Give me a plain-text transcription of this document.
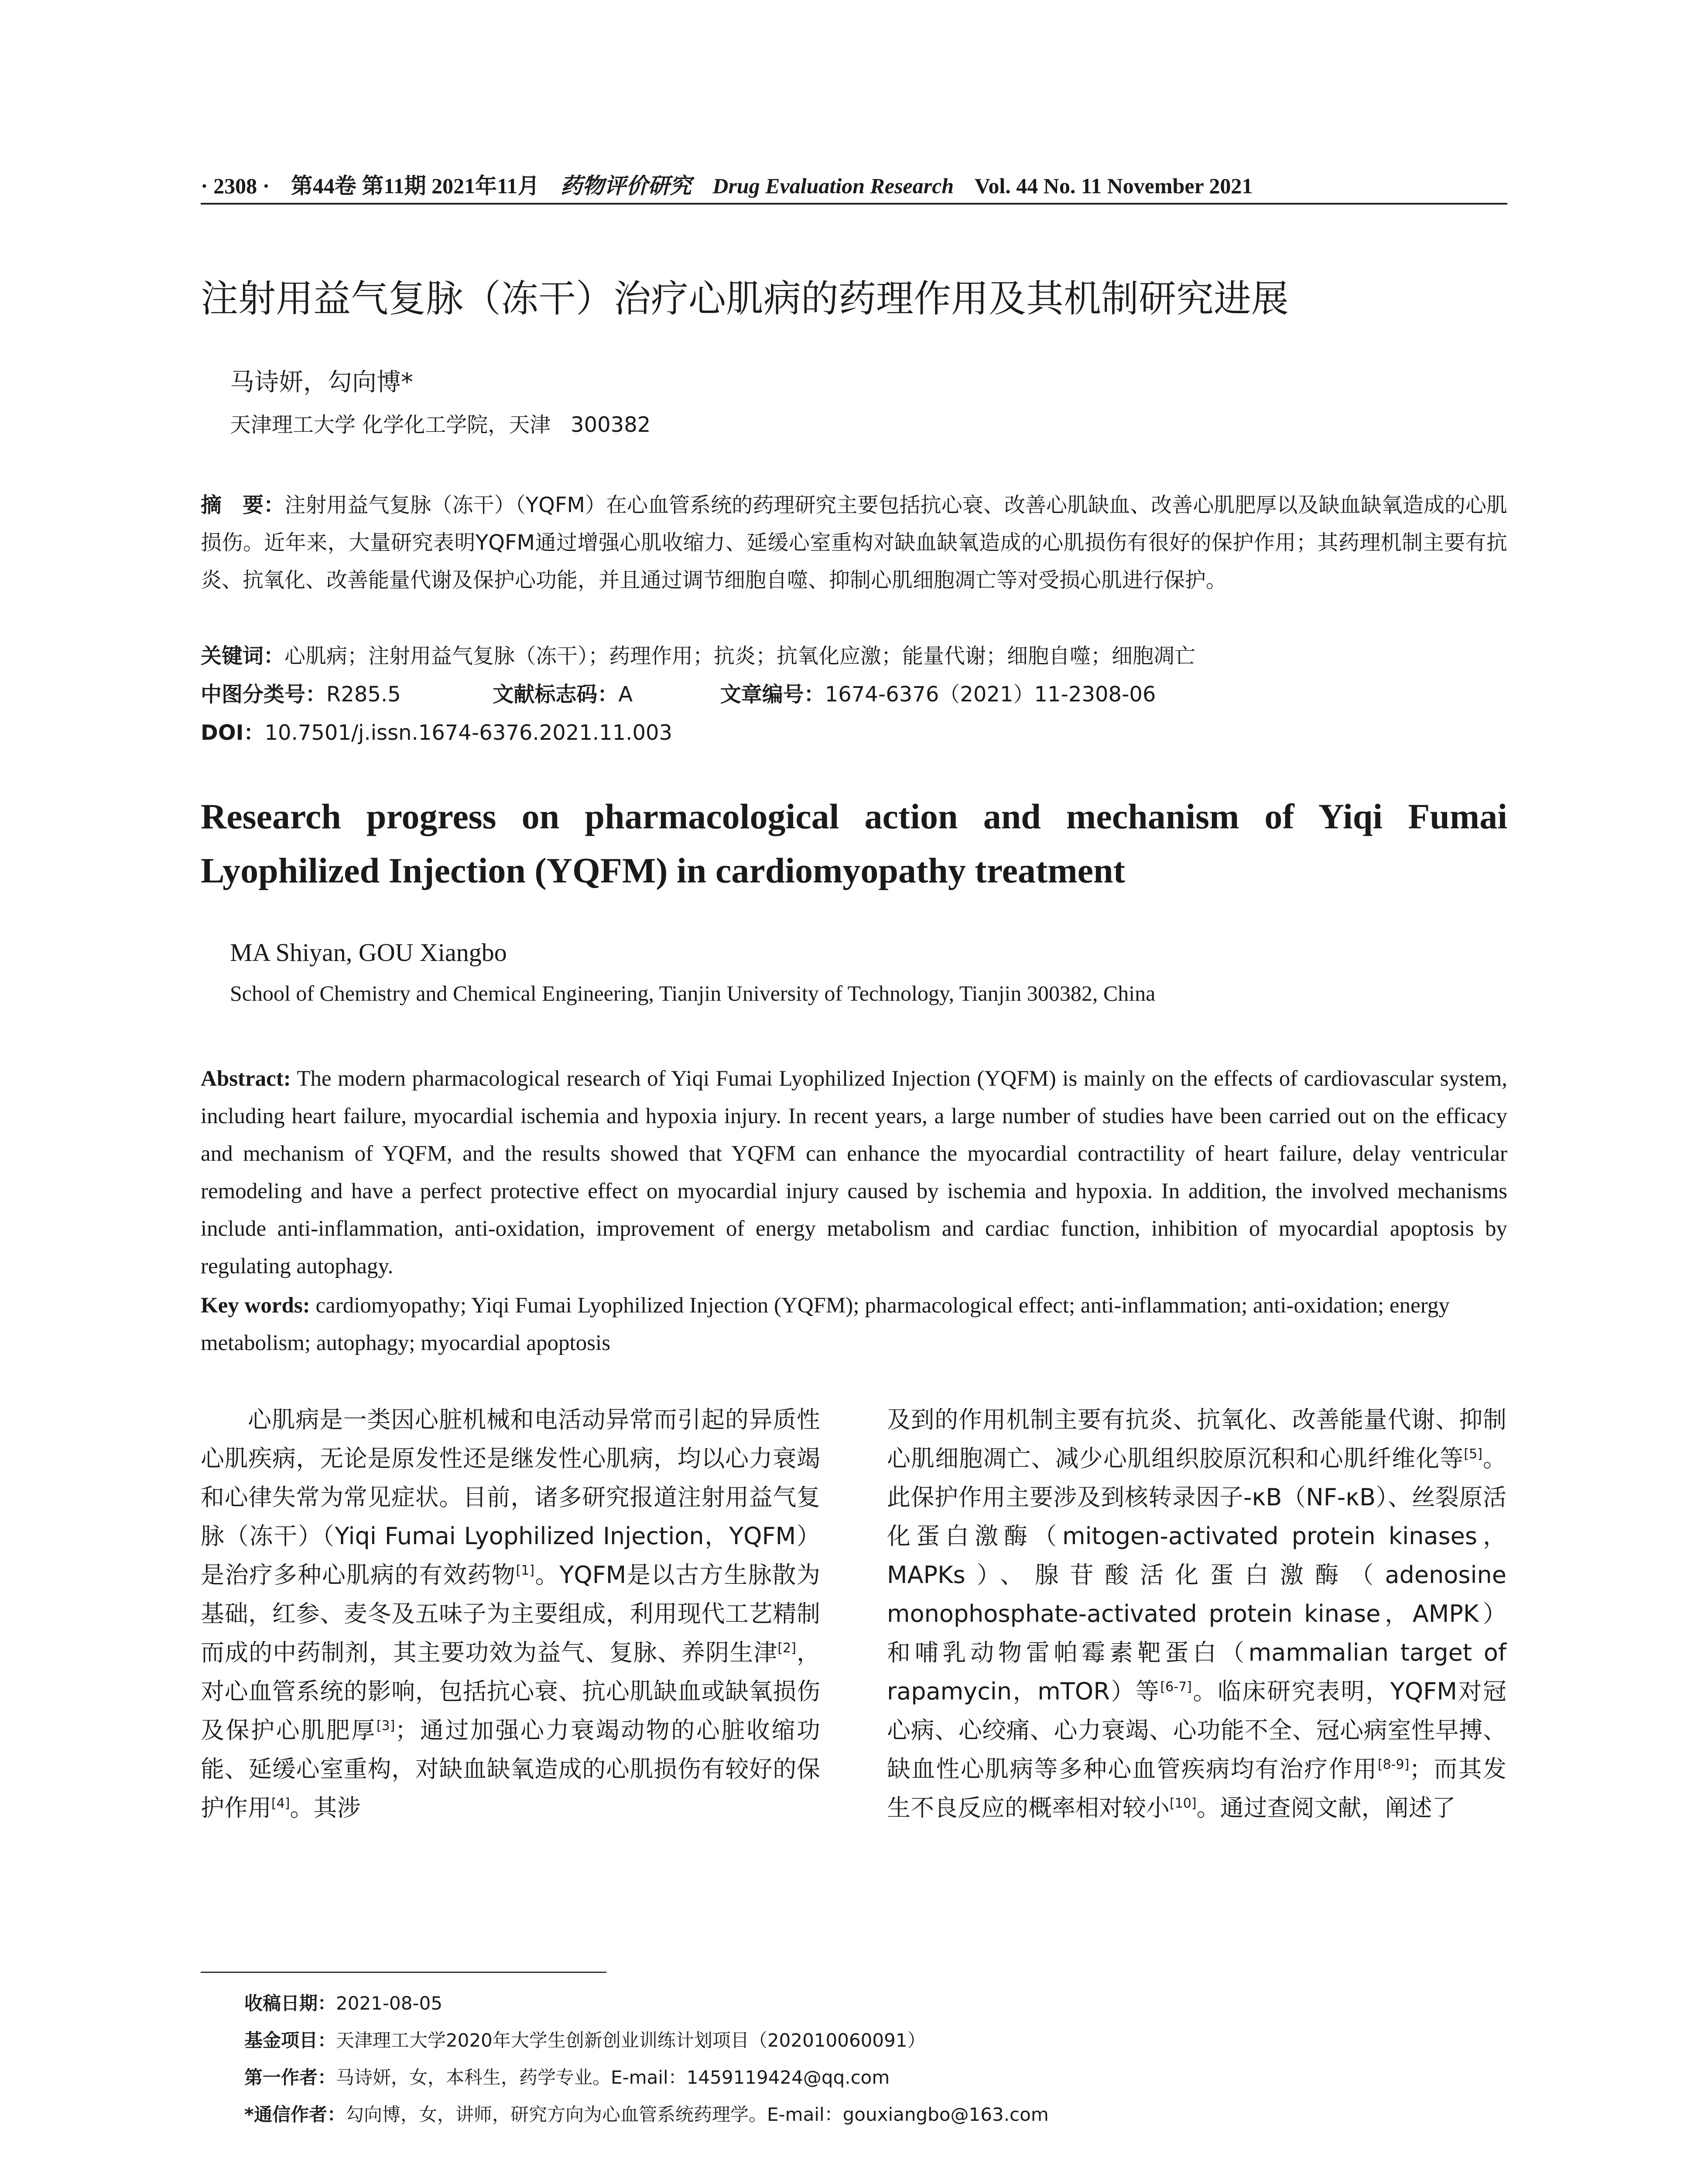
· 2308 · 第44卷 第11期 2021年11月 药物评价研究 Drug Evaluation Research Vol. 44 No. 11 November 2021
注射用益气复脉（冻干）治疗心肌病的药理作用及其机制研究进展
马诗妍，勾向博*
天津理工大学 化学化工学院，天津   300382
摘　要：注射用益气复脉（冻干）（YQFM）在心血管系统的药理研究主要包括抗心衰、改善心肌缺血、改善心肌肥厚以及缺血缺氧造成的心肌损伤。近年来，大量研究表明YQFM通过增强心肌收缩力、延缓心室重构对缺血缺氧造成的心肌损伤有很好的保护作用；其药理机制主要有抗炎、抗氧化、改善能量代谢及保护心功能，并且通过调节细胞自噬、抑制心肌细胞凋亡等对受损心肌进行保护。
关键词：心肌病；注射用益气复脉（冻干）；药理作用；抗炎；抗氧化应激；能量代谢；细胞自噬；细胞凋亡
中图分类号：R285.5	文献标志码：A	文章编号：1674-6376（2021）11-2308-06
DOI：10.7501/j.issn.1674-6376.2021.11.003
Research progress on pharmacological action and mechanism of Yiqi Fumai Lyophilized Injection (YQFM) in cardiomyopathy treatment
MA Shiyan, GOU Xiangbo
School of Chemistry and Chemical Engineering, Tianjin University of Technology, Tianjin 300382, China
Abstract: The modern pharmacological research of Yiqi Fumai Lyophilized Injection (YQFM) is mainly on the effects of cardiovascular system, including heart failure, myocardial ischemia and hypoxia injury. In recent years, a large number of studies have been carried out on the efficacy and mechanism of YQFM, and the results showed that YQFM can enhance the myocardial contractility of heart failure, delay ventricular remodeling and have a perfect protective effect on myocardial injury caused by ischemia and hypoxia. In addition, the involved mechanisms include anti-inflammation, anti-oxidation, improvement of energy metabolism and cardiac function, inhibition of myocardial apoptosis by regulating autophagy.
Key words: cardiomyopathy; Yiqi Fumai Lyophilized Injection (YQFM); pharmacological effect; anti-inflammation; anti-oxidation; energy metabolism; autophagy; myocardial apoptosis
心肌病是一类因心脏机械和电活动异常而引起的异质性心肌疾病，无论是原发性还是继发性心肌病，均以心力衰竭和心律失常为常见症状。目前，诸多研究报道注射用益气复脉（冻干）（Yiqi Fumai Lyophilized Injection，YQFM）是治疗多种心肌病的有效药物[1]。YQFM是以古方生脉散为基础，红参、麦冬及五味子为主要组成，利用现代工艺精制而成的中药制剂，其主要功效为益气、复脉、养阴生津[2]，对心血管系统的影响，包括抗心衰、抗心肌缺血或缺氧损伤及保护心肌肥厚[3]；通过加强心力衰竭动物的心脏收缩功能、延缓心室重构，对缺血缺氧造成的心肌损伤有较好的保护作用[4]。其涉
及到的作用机制主要有抗炎、抗氧化、改善能量代谢、抑制心肌细胞凋亡、减少心肌组织胶原沉积和心肌纤维化等[5]。此保护作用主要涉及到核转录因子-κB（NF-κB）、丝裂原活化蛋白激酶（mitogen-activated protein kinases，MAPKs）、腺苷酸活化蛋白激酶（adenosine monophosphate-activated protein kinase，AMPK）和哺乳动物雷帕霉素靶蛋白（mammalian target of rapamycin，mTOR）等[6-7]。临床研究表明，YQFM对冠心病、心绞痛、心力衰竭、心功能不全、冠心病室性早搏、缺血性心肌病等多种心血管疾病均有治疗作用[8-9]；而其发生不良反应的概率相对较小[10]。通过查阅文献，阐述了
收稿日期：2021-08-05
基金项目：天津理工大学2020年大学生创新创业训练计划项目（202010060091）
第一作者：马诗妍，女，本科生，药学专业。E-mail：1459119424@qq.com
*通信作者：勾向博，女，讲师，研究方向为心血管系统药理学。E-mail：gouxiangbo@163.com
